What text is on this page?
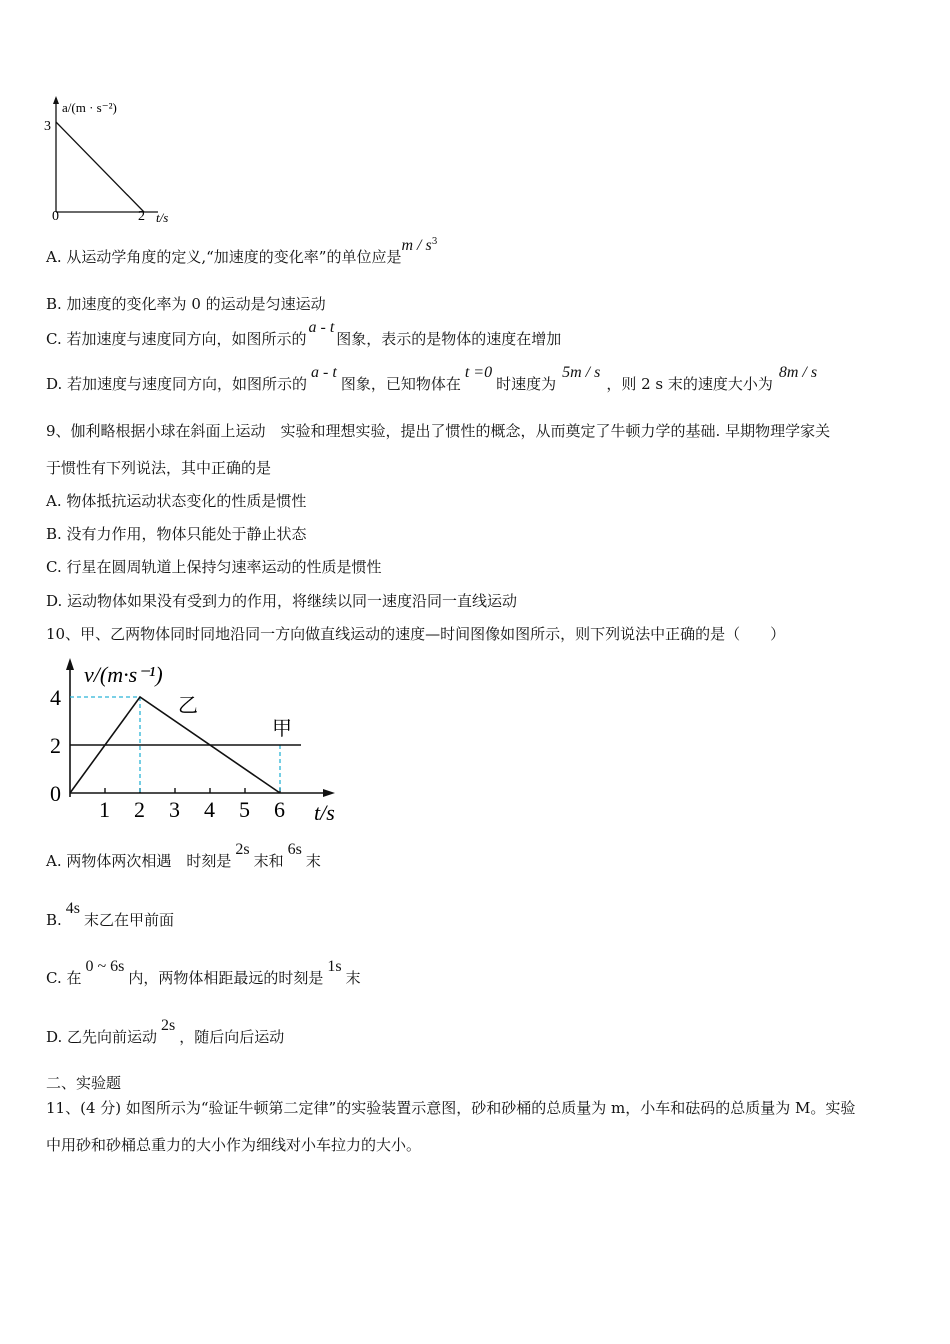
a/(m · s⁻²)
t/s
0
3
2
A. 从运动学角度的定义,“加速度的变化率”的单位应是m / $s^3$
B. 加速度的变化率为 0 的运动是匀速运动
C. 若加速度与速度同方向，如图所示的a - t图象，表示的是物体的速度在增加
D. 若加速度与速度同方向，如图所示的a - t图象，已知物体在t =0时速度为5m / s，则 2 s 末的速度大小为8m / s
9、伽利略根据小球在斜面上运动　实验和理想实验，提出了惯性的概念，从而奠定了牛顿力学的基础. 早期物理学家关
于惯性有下列说法，其中正确的是
A. 物体抵抗运动状态变化的性质是惯性
B. 没有力作用，物体只能处于静止状态
C. 行星在圆周轨道上保持匀速率运动的性质是惯性
D. 运动物体如果没有受到力的作用，将继续以同一速度沿同一直线运动
10、甲、乙两物体同时同地沿同一方向做直线运动的速度—时间图像如图所示，则下列说法中正确的是（　　）
v/(m·s⁻¹)
t/s
甲
乙
0
2
4
1 2 3 4 5 6
A. 两物体两次相遇　时刻是2s末和6s末
B.4s末乙在甲前面
C. 在0 ~ 6s内，两物体相距最远的时刻是1s末
D. 乙先向前运动2s，随后向后运动
二、实验题
11、(4 分) 如图所示为“验证牛顿第二定律”的实验装置示意图，砂和砂桶的总质量为 m，小车和砝码的总质量为 M。实验
中用砂和砂桶总重力的大小作为细线对小车拉力的大小。
